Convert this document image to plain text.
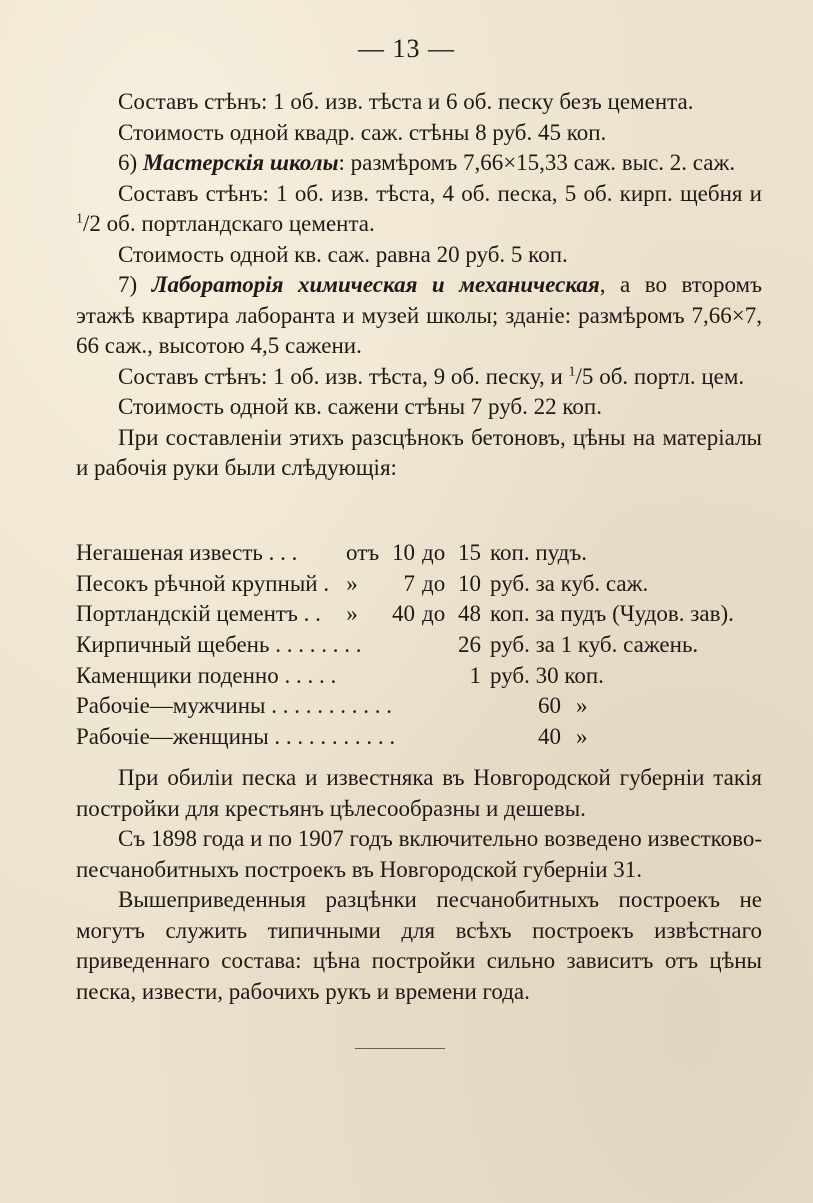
— 13 —

Составъ стѣнъ: 1 об. изв. тѣста и 6 об. песку безъ цемента.

Стоимость одной квадр. саж. стѣны 8 руб. 45 коп.

6) Мастерскія школы: размѣромъ 7,66×15,33 саж. выс. 2. саж.

Составъ стѣнъ: 1 об. изв. тѣста, 4 об. песка, 5 об. кирп. щебня и $^1$/2 об. портландскаго цемента.

Стоимость одной кв. саж. равна 20 руб. 5 коп.

7) Лабораторія химическая и механическая, а во второмъ этажѣ квартира лаборанта и музей школы; зданіе: размѣромъ 7,66×7, 66 саж., высотою 4,5 сажени.

Составъ стѣнъ: 1 об. изв. тѣста, 9 об. песку, и $^1$/5 об. портл. цем.

Стоимость одной кв. сажени стѣны 7 руб. 22 коп.

При составленіи этихъ разсцѣнокъ бетоновъ, цѣны на матеріалы и рабочія руки были слѣдующія:

Негашеная известь . . . отъ 10 до 15 коп. пудъ.
Песокъ рѣчной крупный . »	7 до 10 руб. за куб. саж.
Портландскій цементъ . . »	40 до 48 коп. за пудъ (Чудов. зав).
Кирпичный щебень . . . . . . . .	26 руб. за 1 куб. сажень.
Каменщики поденно . . . . .	1 руб. 30 коп.
Рабочіе—мужчины . . . . . . . . . . .	60 »
Рабочіе—женщины . . . . . . . . . . .	40 »

При обиліи песка и известняка въ Новгородской губерніи такія постройки для крестьянъ цѣлесообразны и дешевы.

Съ 1898 года и по 1907 годъ включительно возведено известково-песчанобитныхъ построекъ въ Новгородской губерніи 31.

Вышеприведенныя разцѣнки песчанобитныхъ построекъ не могутъ служить типичными для всѣхъ построекъ извѣстнаго приведеннаго состава: цѣна постройки сильно зависитъ отъ цѣны песка, извести, рабочихъ рукъ и времени года.
